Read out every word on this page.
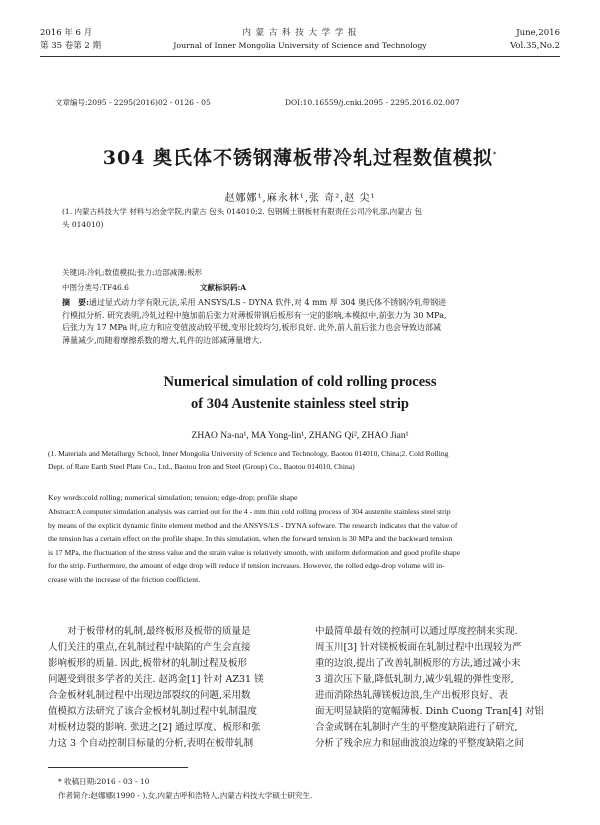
2016 年 6 月
第 35 卷第 2 期
内 蒙 古 科 技 大 学 学 报
Journal of Inner Mongolia University of Science and Technology
June,2016
Vol.35,No.2
文章编号:2095 - 2295(2016)02 - 0126 - 05	DOI:10.16559/j.cnki.2095 - 2295.2016.02.007
304 奥氏体不锈钢薄板带冷轧过程数值模拟*
赵娜娜¹,麻永林¹,张 奇²,赵 尖¹
(1. 内蒙古科技大学 材料与冶金学院,内蒙古 包头 014010;2. 包钢稀土钢板材有限责任公司冷轧部,内蒙古 包
头 014010)
关键词:冷轧;数值模拟;张力;边部减薄;板形
中图分类号:TF46.6	文献标识码:A
摘　要:通过显式动力学有限元法,采用 ANSYS/LS - DYNA 软件,对 4 mm 厚 304 奥氏体不锈钢冷轧带钢进
行模拟分析. 研究表明,冷轧过程中施加前后张力对薄板带钢后板形有一定的影响,本模拟中,前张力为 30 MPa,
后张力为 17 MPa 时,应力和应变值波动较平缓,变形比较均匀,板形良好. 此外,前人前后张力也会导致边部减
薄量减少,而随着摩擦系数的增大,轧件的边部减薄量增大.
Numerical simulation of cold rolling process
of 304 Austenite stainless steel strip
ZHAO Na-na¹, MA Yong-lin¹, ZHANG Qi², ZHAO Jian¹
(1. Materials and Metallurgy School, Inner Mongolia University of Science and Technology, Baotou 014010, China;2. Cold Rolling
Dept. of Rare Earth Steel Plate Co., Ltd., Baotou Iron and Steel (Group) Co., Baotou 014010, China)
Key words:cold rolling; numerical simulation; tension; edge-drop; profile shape
Abstract:A computer simulation analysis was carried out for the 4 - mm thin cold rolling process of 304 austenite stainless steel strip
by means of the explicit dynamic finite element method and the ANSYS/LS - DYNA software. The research indicates that the value of
the tension has a certain effect on the profile shape. In this simulation, when the forward tension is 30 MPa and the backward tension
is 17 MPa, the fluctuation of the stress value and the strain value is relatively smooth, with uniform deformation and good profile shape
for the strip. Furthermore, the amount of edge drop will reduce if tension increases. However, the rolled edge-drop volume will in-
crease with the increase of the friction coefficient.
　　对于板带材的轧制,最终板形及板带的质量是
人们关注的重点,在轧制过程中缺陷的产生会直接
影响板形的质量. 因此,板带材的轧制过程及板形
问题受到很多学者的关注. 赵鸿金[1] 针对 AZ31 镁
合金板材轧制过程中出现边部裂纹的问题,采用数
值模拟方法研究了该合金板材轧制过程中轧制温度
对板材边裂的影响. 张进之[2] 通过厚度、板形和张
力这 3 个自动控制目标量的分析,表明在板带轧制
中最简单最有效的控制可以通过厚度控制来实现.
周玉川[3] 针对镁板板面在轧制过程中出现较为严
重的边浪,提出了改善轧制板形的方法,通过减小末
3 道次压下量,降低轧制力,减少轧辊的弹性变形,
进而消除热轧薄镁板边浪,生产出板形良好、表
面无明显缺陷的宽幅薄板. Dinh Cuong Tran[4] 对铝
合金或钢在轧制时产生的平整度缺陷进行了研究,
分析了残余应力和屈曲波浪边缘的平整度缺陷之间
* 收稿日期:2016 - 03 - 10
作者简介:赵娜娜(1990 - ),女,内蒙古呼和浩特人,内蒙古科技大学硕士研究生.
